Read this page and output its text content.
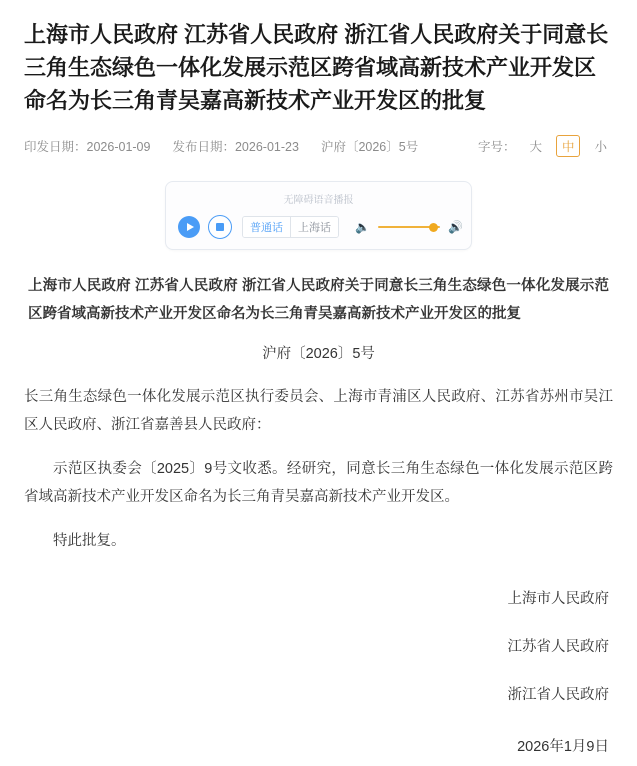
上海市人民政府 江苏省人民政府 浙江省人民政府关于同意长三角生态绿色一体化发展示范区跨省域高新技术产业开发区命名为长三角青吴嘉高新技术产业开发区的批复
印发日期：2026-01-09 发布日期：2026-01-23 沪府〔2026〕5号	字号：	大	中	小
无障碍语音播报
普通话	上海话	🔈	🔊
上海市人民政府 江苏省人民政府 浙江省人民政府关于同意长三角生态绿色一体化发展示范区跨省域高新技术产业开发区命名为长三角青吴嘉高新技术产业开发区的批复
沪府〔2026〕5号

长三角生态绿色一体化发展示范区执行委员会、上海市青浦区人民政府、江苏省苏州市吴江区人民政府、浙江省嘉善县人民政府：

示范区执委会〔2025〕9号文收悉。经研究，同意长三角生态绿色一体化发展示范区跨省域高新技术产业开发区命名为长三角青吴嘉高新技术产业开发区。

特此批复。

上海市人民政府
江苏省人民政府
浙江省人民政府
2026年1月9日
